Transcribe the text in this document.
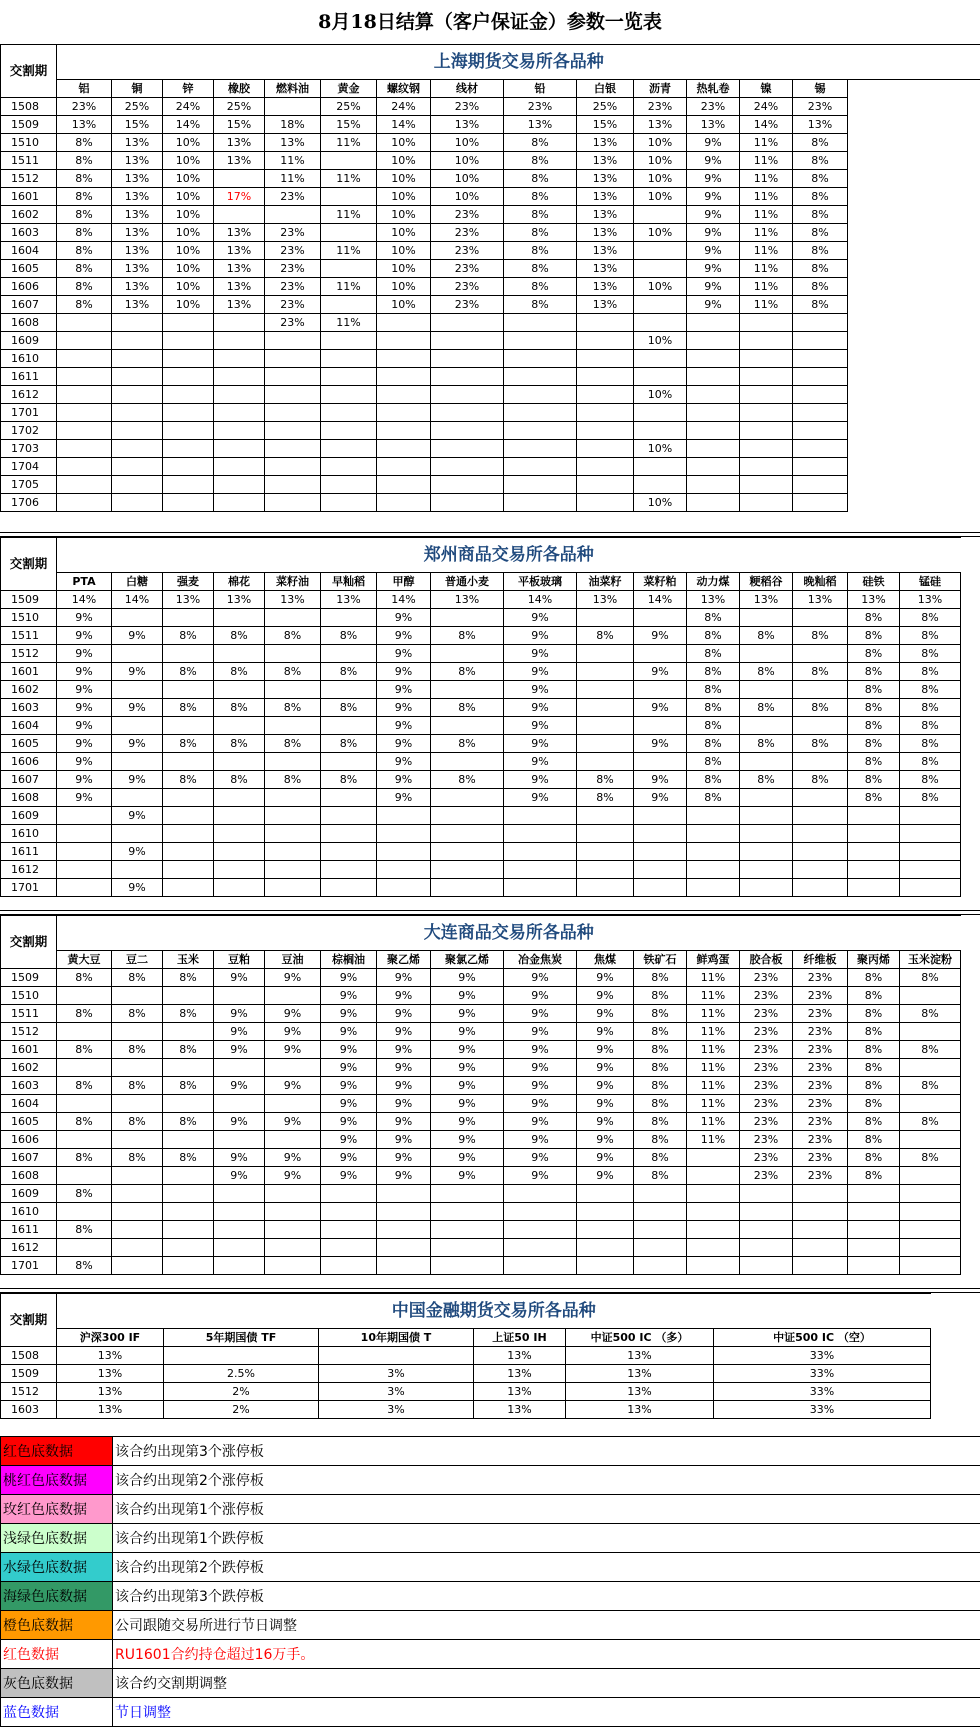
8月18日结算（客户保证金）参数一览表
交割期	上海期货交易所各品种														
	铝	铜	锌	橡胶	燃料油	黄金	螺纹钢	线材	铅	白银	沥青	热轧卷	镍	锡	
1508	23%	25%	24%	25%		25%	24%	23%	23%	25%	23%	23%	24%	23%	
1509	13%	15%	14%	15%	18%	15%	14%	13%	13%	15%	13%	13%	14%	13%	
1510	8%	13%	10%	13%	13%	11%	10%	10%	8%	13%	10%	9%	11%	8%	
1511	8%	13%	10%	13%	11%		10%	10%	8%	13%	10%	9%	11%	8%	
1512	8%	13%	10%		11%	11%	10%	10%	8%	13%	10%	9%	11%	8%	
1601	8%	13%	10%	17%	23%		10%	10%	8%	13%	10%	9%	11%	8%	
1602	8%	13%	10%			11%	10%	23%	8%	13%		9%	11%	8%	
1603	8%	13%	10%	13%	23%		10%	23%	8%	13%	10%	9%	11%	8%	
1604	8%	13%	10%	13%	23%	11%	10%	23%	8%	13%		9%	11%	8%	
1605	8%	13%	10%	13%	23%		10%	23%	8%	13%		9%	11%	8%	
1606	8%	13%	10%	13%	23%	11%	10%	23%	8%	13%	10%	9%	11%	8%	
1607	8%	13%	10%	13%	23%		10%	23%	8%	13%		9%	11%	8%	
1608					23%	11%									
1609											10%				
1610															
1611															
1612											10%				
1701															
1702															
1703											10%				
1704															
1705															
1706											10%				
交割期	郑州商品交易所各品种															
	PTA	白糖	强麦	棉花	菜籽油	早籼稻	甲醇	普通小麦	平板玻璃	油菜籽	菜籽粕	动力煤	粳稻谷	晚籼稻	硅铁	锰硅
1509	14%	14%	13%	13%	13%	13%	14%	13%	14%	13%	14%	13%	13%	13%	13%	13%
1510	9%						9%		9%			8%			8%	8%
1511	9%	9%	8%	8%	8%	8%	9%	8%	9%	8%	9%	8%	8%	8%	8%	8%
1512	9%						9%		9%			8%			8%	8%
1601	9%	9%	8%	8%	8%	8%	9%	8%	9%		9%	8%	8%	8%	8%	8%
1602	9%						9%		9%			8%			8%	8%
1603	9%	9%	8%	8%	8%	8%	9%	8%	9%		9%	8%	8%	8%	8%	8%
1604	9%						9%		9%			8%			8%	8%
1605	9%	9%	8%	8%	8%	8%	9%	8%	9%		9%	8%	8%	8%	8%	8%
1606	9%						9%		9%			8%			8%	8%
1607	9%	9%	8%	8%	8%	8%	9%	8%	9%	8%	9%	8%	8%	8%	8%	8%
1608	9%						9%		9%	8%	9%	8%			8%	8%
1609		9%														
1610																
1611		9%														
1612																
1701		9%														
交割期	大连商品交易所各品种															
	黄大豆	豆二	玉米	豆粕	豆油	棕榈油	聚乙烯	聚氯乙烯	冶金焦炭	焦煤	铁矿石	鲜鸡蛋	胶合板	纤维板	聚丙烯	玉米淀粉
1509	8%	8%	8%	9%	9%	9%	9%	9%	9%	9%	8%	11%	23%	23%	8%	8%
1510						9%	9%	9%	9%	9%	8%	11%	23%	23%	8%	
1511	8%	8%	8%	9%	9%	9%	9%	9%	9%	9%	8%	11%	23%	23%	8%	8%
1512				9%	9%	9%	9%	9%	9%	9%	8%	11%	23%	23%	8%	
1601	8%	8%	8%	9%	9%	9%	9%	9%	9%	9%	8%	11%	23%	23%	8%	8%
1602						9%	9%	9%	9%	9%	8%	11%	23%	23%	8%	
1603	8%	8%	8%	9%	9%	9%	9%	9%	9%	9%	8%	11%	23%	23%	8%	8%
1604						9%	9%	9%	9%	9%	8%	11%	23%	23%	8%	
1605	8%	8%	8%	9%	9%	9%	9%	9%	9%	9%	8%	11%	23%	23%	8%	8%
1606						9%	9%	9%	9%	9%	8%	11%	23%	23%	8%	
1607	8%	8%	8%	9%	9%	9%	9%	9%	9%	9%	8%		23%	23%	8%	8%
1608				9%	9%	9%	9%	9%	9%	9%	8%		23%	23%	8%	
1609	8%															
1610																
1611	8%															
1612																
1701	8%															
交割期	中国金融期货交易所各品种					
	沪深300 IF	5年期国债 TF	10年期国债 T	上证50 IH	中证500 IC （多）	中证500 IC （空）
1508	13%			13%	13%	33%
1509	13%	2.5%	3%	13%	13%	33%
1512	13%	2%	3%	13%	13%	33%
1603	13%	2%	3%	13%	13%	33%
红色底数据	该合约出现第3个涨停板
桃红色底数据	该合约出现第2个涨停板
玫红色底数据	该合约出现第1个涨停板
浅绿色底数据	该合约出现第1个跌停板
水绿色底数据	该合约出现第2个跌停板
海绿色底数据	该合约出现第3个跌停板
橙色底数据	公司跟随交易所进行节日调整
红色数据	RU1601合约持仓超过16万手。
灰色底数据	该合约交割期调整
蓝色数据	节日调整
